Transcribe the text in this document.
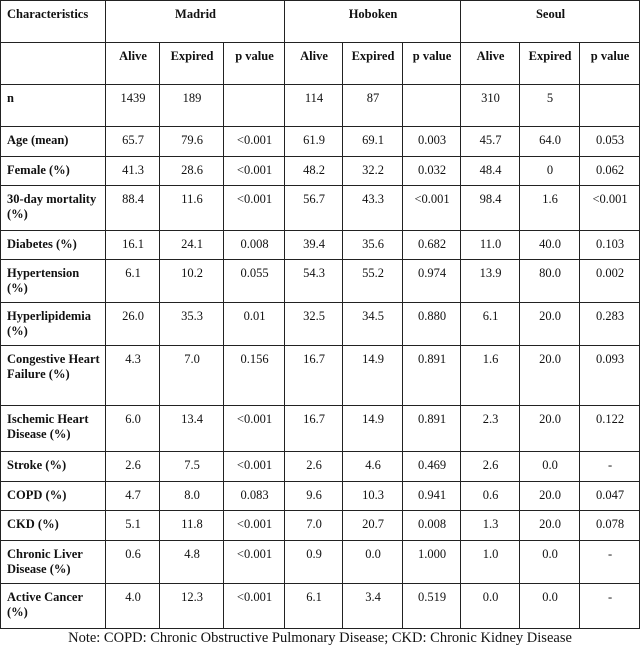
Characteristics	Madrid			Hoboken			Seoul		
	Alive	Expired	p value	Alive	Expired	p value	Alive	Expired	p value
n	1439	189		114	87		310	5	
Age (mean)	65.7	79.6	<0.001	61.9	69.1	0.003	45.7	64.0	0.053
Female (%)	41.3	28.6	<0.001	48.2	32.2	0.032	48.4	0	0.062
30-day mortality (%)	88.4	11.6	<0.001	56.7	43.3	<0.001	98.4	1.6	<0.001
Diabetes (%)	16.1	24.1	0.008	39.4	35.6	0.682	11.0	40.0	0.103
Hypertension (%)	6.1	10.2	0.055	54.3	55.2	0.974	13.9	80.0	0.002
Hyperlipidemia (%)	26.0	35.3	0.01	32.5	34.5	0.880	6.1	20.0	0.283
Congestive Heart Failure (%)	4.3	7.0	0.156	16.7	14.9	0.891	1.6	20.0	0.093
Ischemic Heart Disease (%)	6.0	13.4	<0.001	16.7	14.9	0.891	2.3	20.0	0.122
Stroke (%)	2.6	7.5	<0.001	2.6	4.6	0.469	2.6	0.0	-
COPD (%)	4.7	8.0	0.083	9.6	10.3	0.941	0.6	20.0	0.047
CKD (%)	5.1	11.8	<0.001	7.0	20.7	0.008	1.3	20.0	0.078
Chronic Liver Disease (%)	0.6	4.8	<0.001	0.9	0.0	1.000	1.0	0.0	-
Active Cancer (%)	4.0	12.3	<0.001	6.1	3.4	0.519	0.0	0.0	-
Note: COPD: Chronic Obstructive Pulmonary Disease; CKD: Chronic Kidney Disease
